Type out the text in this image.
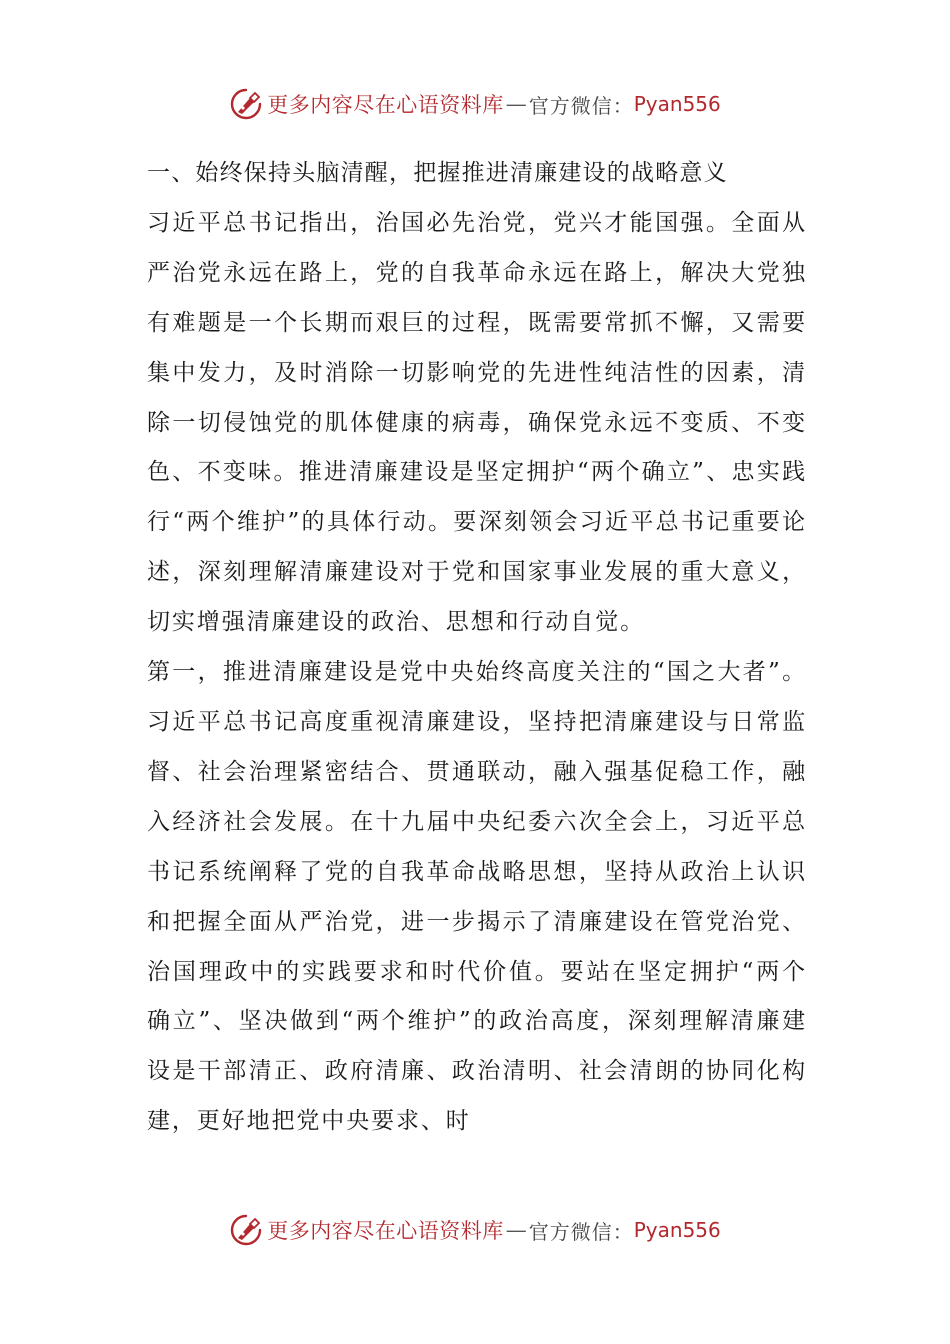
更多内容尽在心语资料库 — 官方微信： Pyan556

一、始终保持头脑清醒，把握推进清廉建设的战略意义

习近平总书记指出，治国必先治党，党兴才能国强。全面从严治党永远在路上，党的自我革命永远在路上，解决大党独有难题是一个长期而艰巨的过程，既需要常抓不懈，又需要集中发力，及时消除一切影响党的先进性纯洁性的因素，清除一切侵蚀党的肌体健康的病毒，确保党永远不变质、不变色、不变味。推进清廉建设是坚定拥护“两个确立”、忠实践行“两个维护”的具体行动。要深刻领会习近平总书记重要论述，深刻理解清廉建设对于党和国家事业发展的重大意义，切实增强清廉建设的政治、思想和行动自觉。

第一，推进清廉建设是党中央始终高度关注的“国之大者”。习近平总书记高度重视清廉建设，坚持把清廉建设与日常监督、社会治理紧密结合、贯通联动，融入强基促稳工作，融入经济社会发展。在十九届中央纪委六次全会上，习近平总书记系统阐释了党的自我革命战略思想，坚持从政治上认识和把握全面从严治党，进一步揭示了清廉建设在管党治党、治国理政中的实践要求和时代价值。要站在坚定拥护“两个确立”、坚决做到“两个维护”的政治高度，深刻理解清廉建设是干部清正、政府清廉、政治清明、社会清朗的协同化构建，更好地把党中央要求、时

更多内容尽在心语资料库 — 官方微信： Pyan556
